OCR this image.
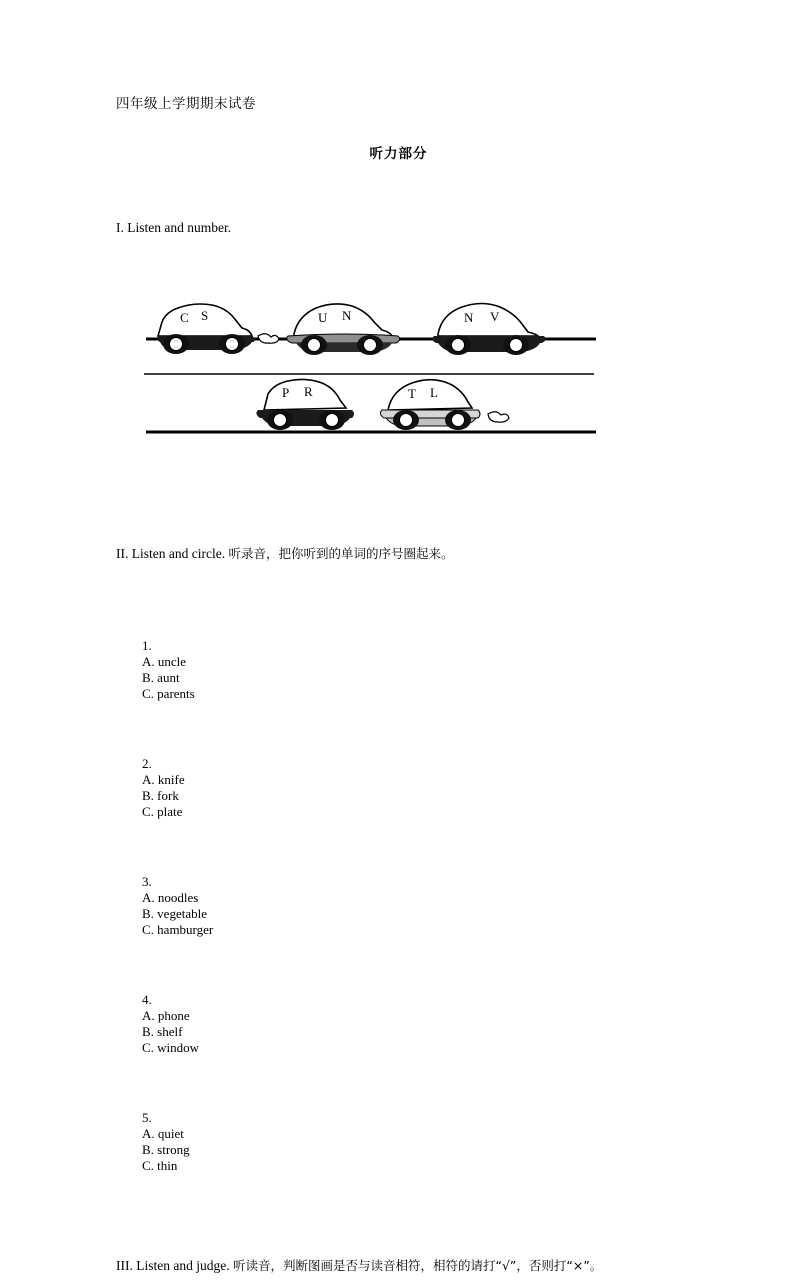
四年级上学期期末试卷
听力部分
I. Listen and number.
C S	U N	N V
P R	T L
II. Listen and circle. 听录音，把你听到的单词的序号圈起来。

1.
A. uncle
B. aunt
C. parents

2.
A. knife
B. fork
C. plate

3.
A. noodles
B. vegetable
C. hamburger

4.
A. phone
B. shelf
C. window

5.
A. quiet
B. strong
C. thin

III. Listen and judge. 听读音，判断图画是否与读音相符，相符的请打“√”，否则打“×”。
